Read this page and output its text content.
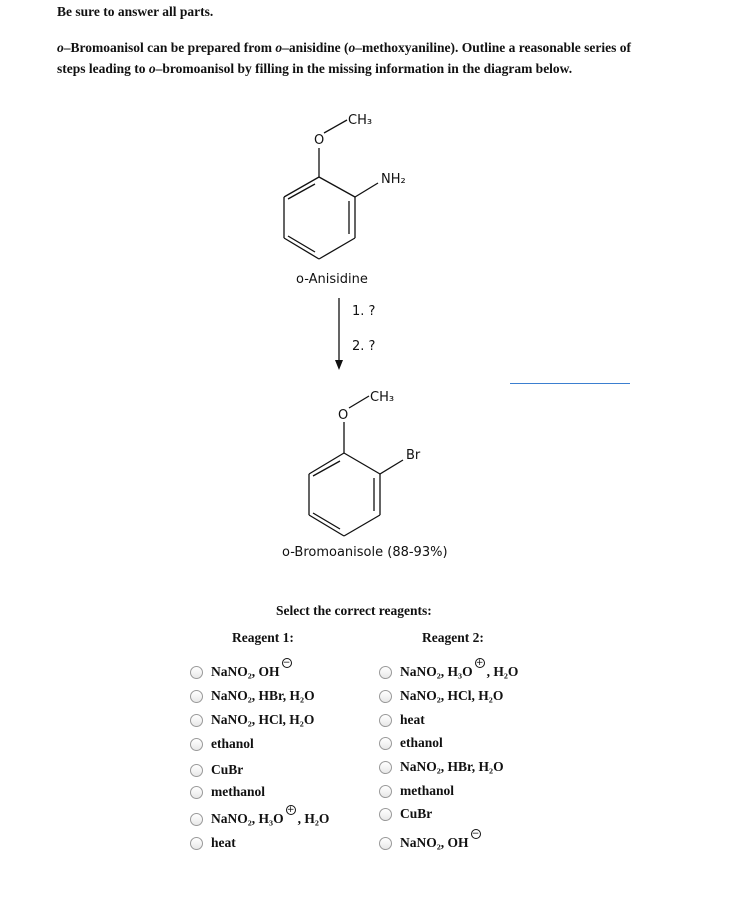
Be sure to answer all parts.
o–Bromoanisol can be prepared from o–anisidine (o–methoxyaniline). Outline a reasonable series of steps leading to o–bromoanisol by filling in the missing information in the diagram below.
O
CH₃
NH₂
o-Anisidine
1. ?
2. ?
O
CH₃
Br
o-Bromoanisole (88-93%)
Select the correct reagents:
Reagent 1:	Reagent 2:
NaNO₂, OH
−
NaNO₂, HBr, H₂O
NaNO₂, HCl, H₂O
ethanol
CuBr
methanol
NaNO₂, H₃O
+
, H₂O
heat
NaNO₂, H₃O
+
, H₂O
NaNO₂, HCl, H₂O
heat
ethanol
NaNO₂, HBr, H₂O
methanol
CuBr
NaNO₂, OH
−
